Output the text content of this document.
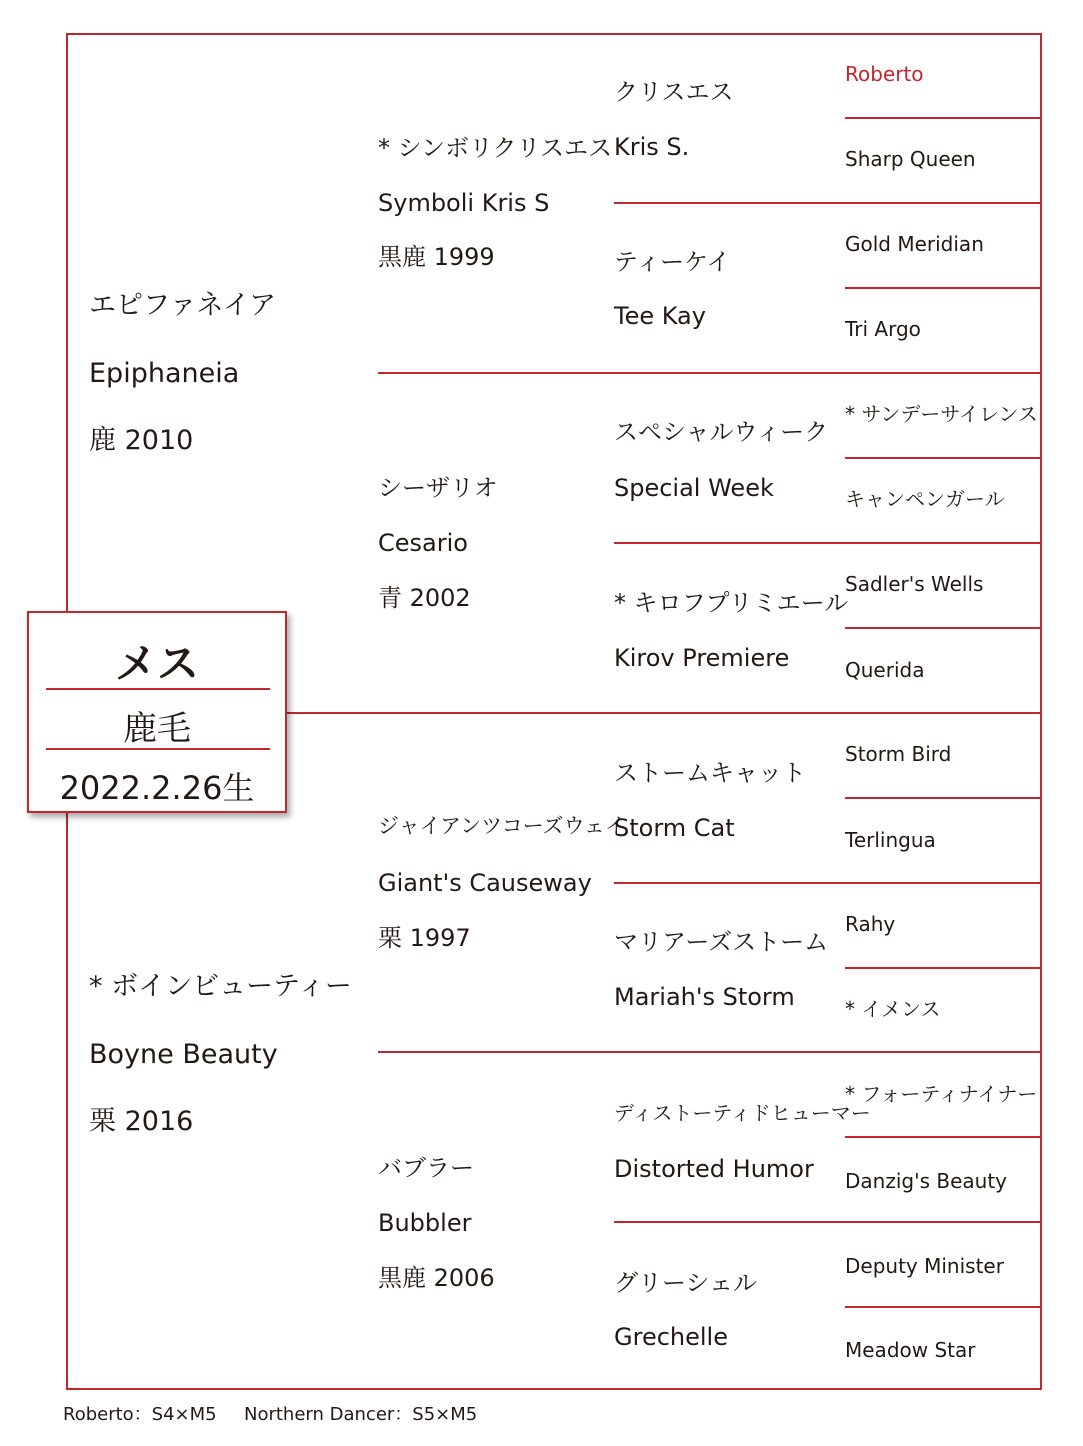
エピファネイア
Epiphaneia
鹿 2010
* ボインビューティー
Boyne Beauty
栗 2016
* シンボリクリスエス
Symboli Kris S
黒鹿 1999
シーザリオ
Cesario
青 2002
ジャイアンツコーズウェイ
Giant's Causeway
栗 1997
バブラー
Bubbler
黒鹿 2006
クリスエス
Kris S.
ティーケイ
Tee Kay
スペシャルウィーク
Special Week
* キロフプリミエール
Kirov Premiere
ストームキャット
Storm Cat
マリアーズストーム
Mariah's Storm
ディストーティドヒューマー
Distorted Humor
グリーシェル
Grechelle
Roberto
Sharp Queen
Gold Meridian
Tri Argo
* サンデーサイレンス
キャンペンガール
Sadler's Wells
Querida
Storm Bird
Terlingua
Rahy
* イメンス
* フォーティナイナー
Danzig's Beauty
Deputy Minister
Meadow Star
メス
鹿毛
2022.2.26生
Roberto：S4×M5 Northern Dancer：S5×M5
